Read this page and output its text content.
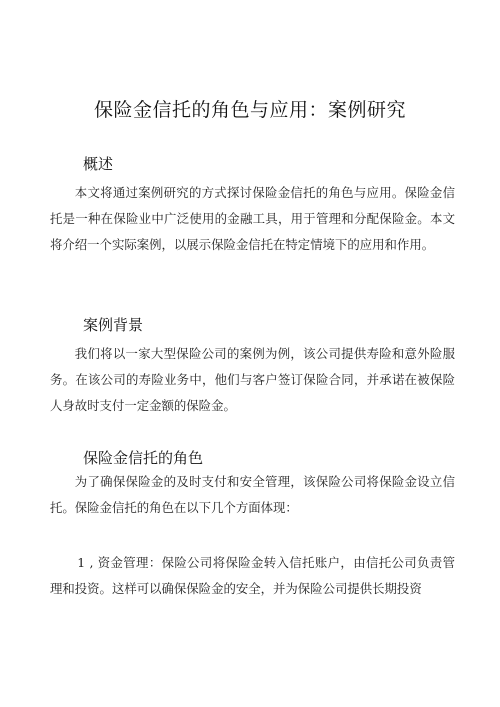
保险金信托的角色与应用：案例研究
概述

本文将通过案例研究的方式探讨保险金信托的角色与应用。保险金信托是一种在保险业中广泛使用的金融工具，用于管理和分配保险金。本文将介绍一个实际案例，以展示保险金信托在特定情境下的应用和作用。

案例背景

我们将以一家大型保险公司的案例为例，该公司提供寿险和意外险服务。在该公司的寿险业务中，他们与客户签订保险合同，并承诺在被保险人身故时支付一定金额的保险金。

保险金信托的角色

为了确保保险金的及时支付和安全管理，该保险公司将保险金设立信托。保险金信托的角色在以下几个方面体现：

1 , 资金管理：保险公司将保险金转入信托账户，由信托公司负责管理和投资。这样可以确保保险金的安全，并为保险公司提供长期投资
